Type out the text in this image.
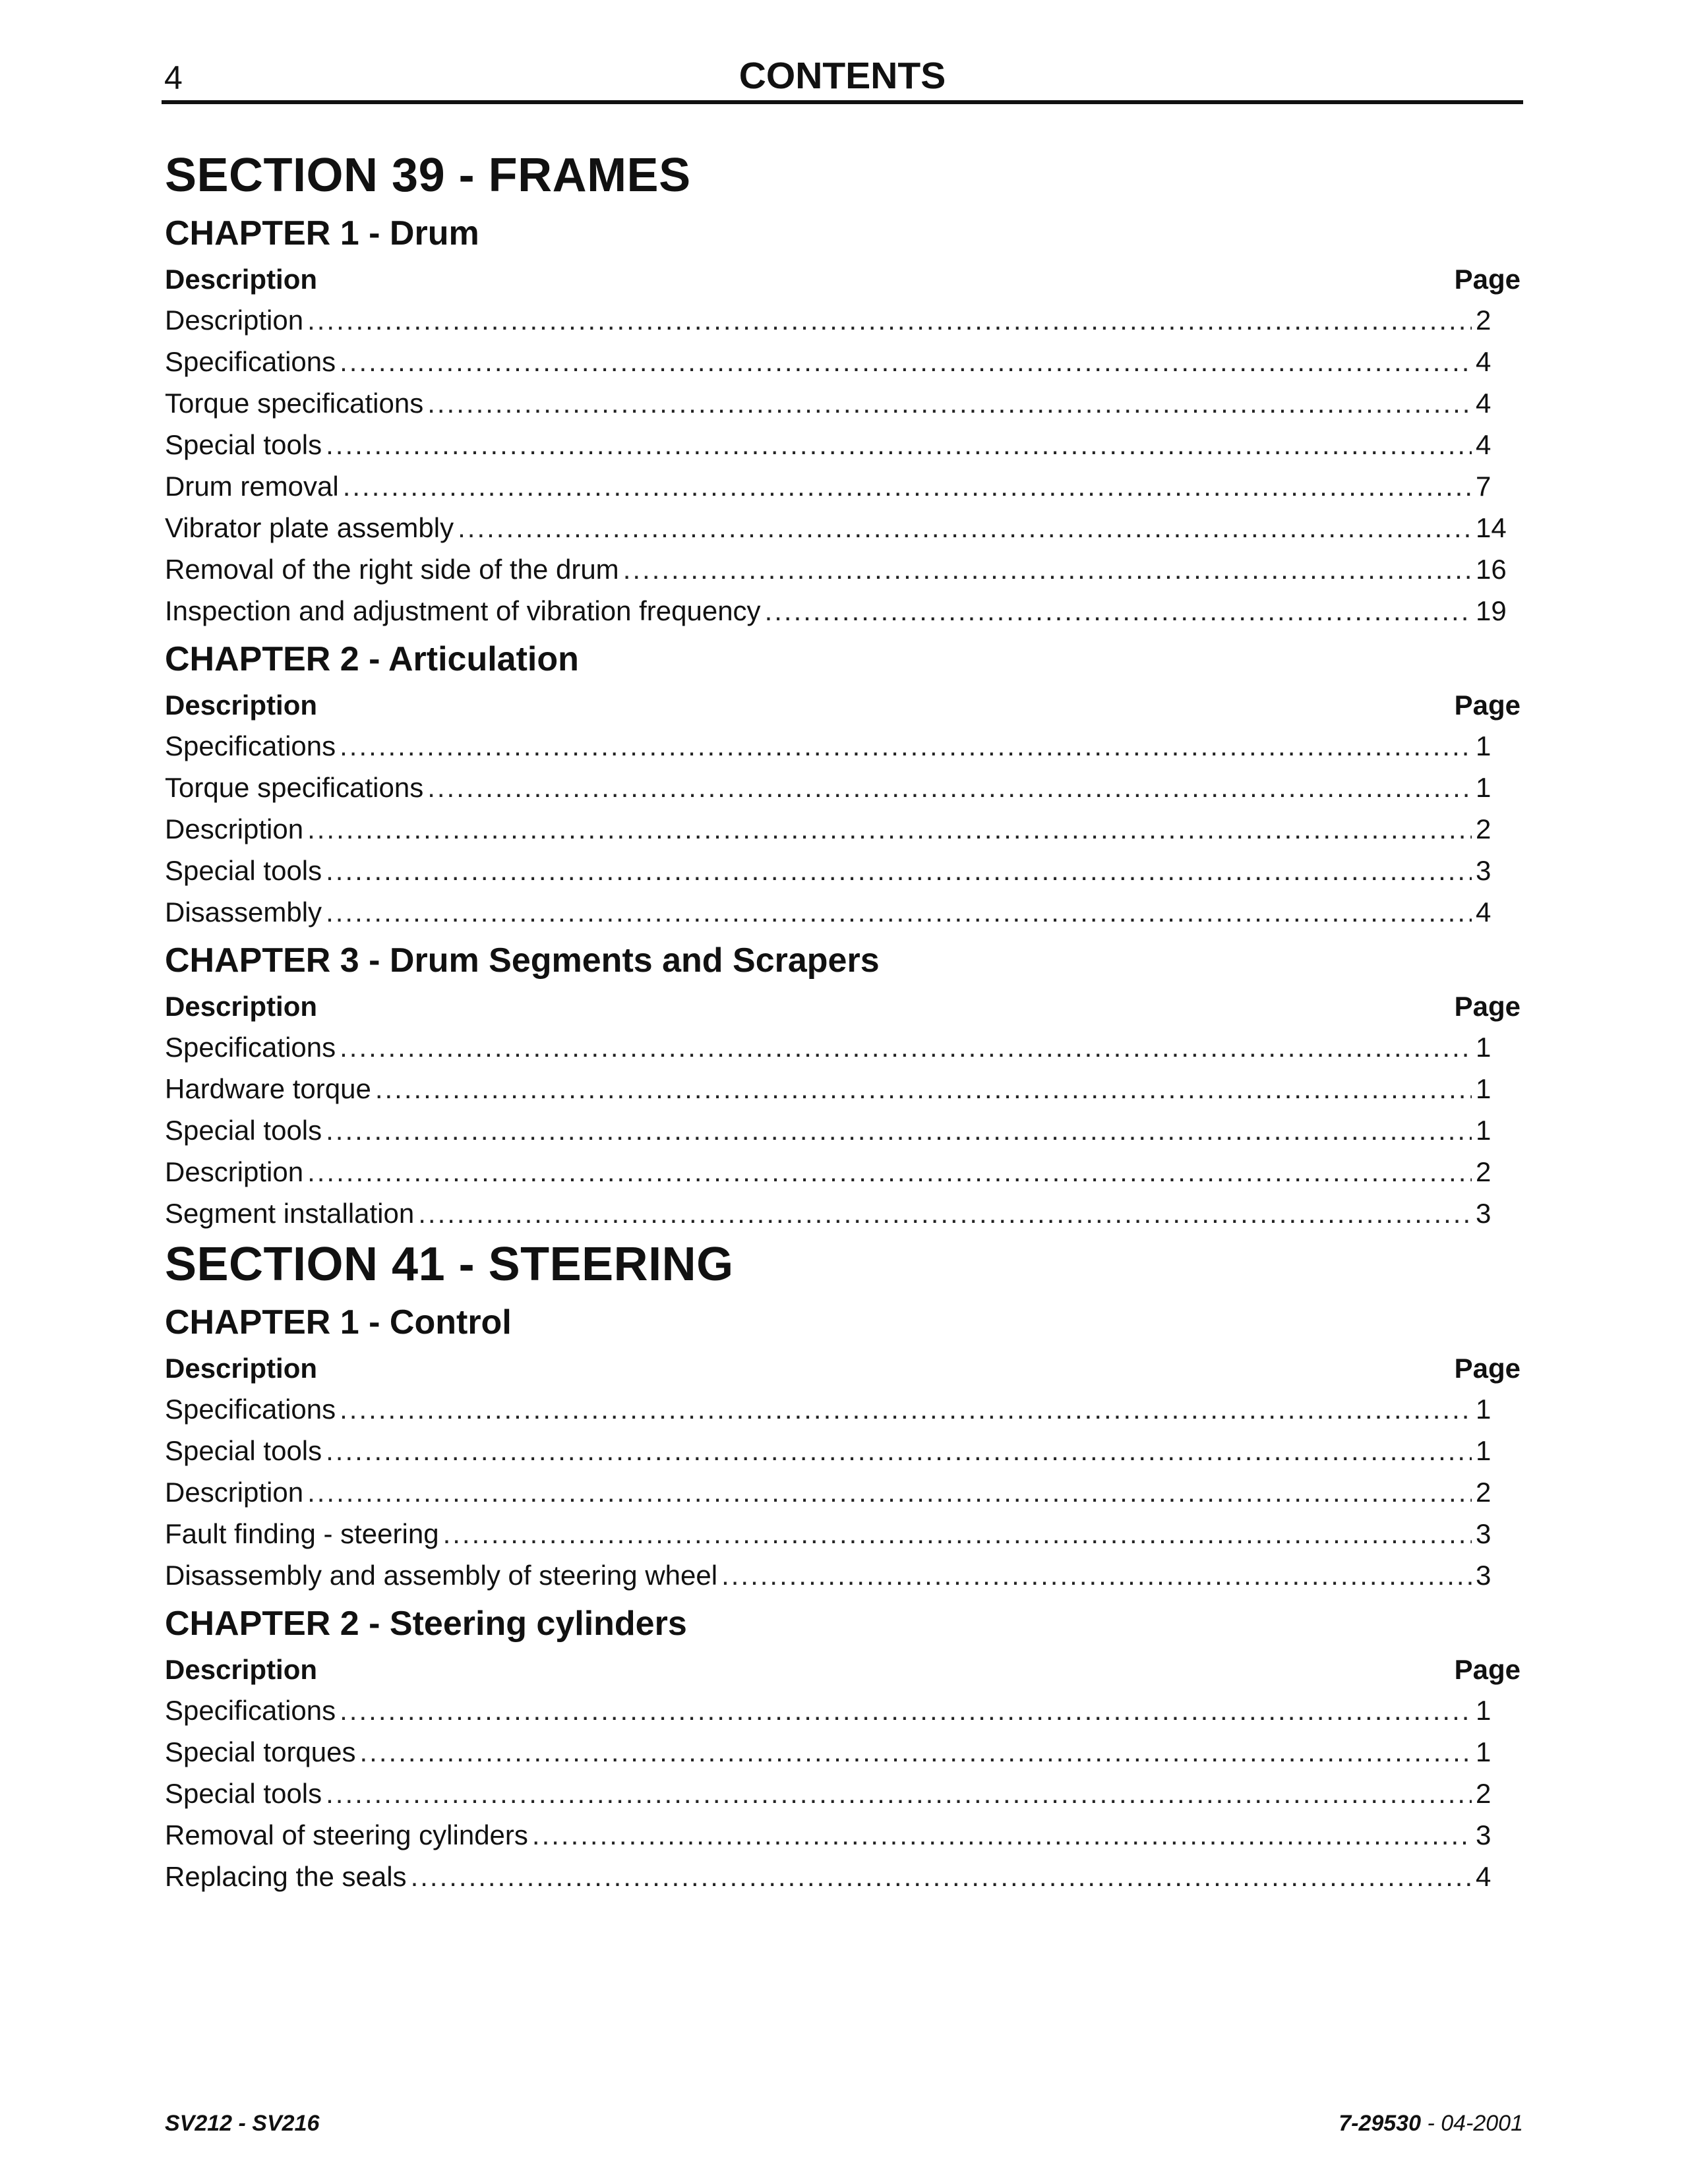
4	CONTENTS
SECTION 39 - FRAMES
CHAPTER 1 - Drum
Description	Page
Description .....	2
Specifications .....	4
Torque specifications .....	4
Special tools .....	4
Drum removal .....	7
Vibrator plate assembly .....	14
Removal of the right side of the drum .....	16
Inspection and adjustment of vibration frequency .....	19
CHAPTER 2 - Articulation
Description	Page
Specifications .....	1
Torque specifications .....	1
Description .....	2
Special tools .....	3
Disassembly .....	4
CHAPTER 3 - Drum Segments and Scrapers
Description	Page
Specifications .....	1
Hardware torque .....	1
Special tools .....	1
Description .....	2
Segment installation .....	3
SECTION 41 - STEERING
CHAPTER 1 - Control
Description	Page
Specifications .....	1
Special tools .....	1
Description .....	2
Fault finding - steering .....	3
Disassembly and assembly of steering wheel .....	3
CHAPTER 2 - Steering cylinders
Description	Page
Specifications .....	1
Special torques .....	1
Special tools .....	2
Removal of steering cylinders .....	3
Replacing the seals .....	4
SV212 - SV216	7-29530 - 04-2001
